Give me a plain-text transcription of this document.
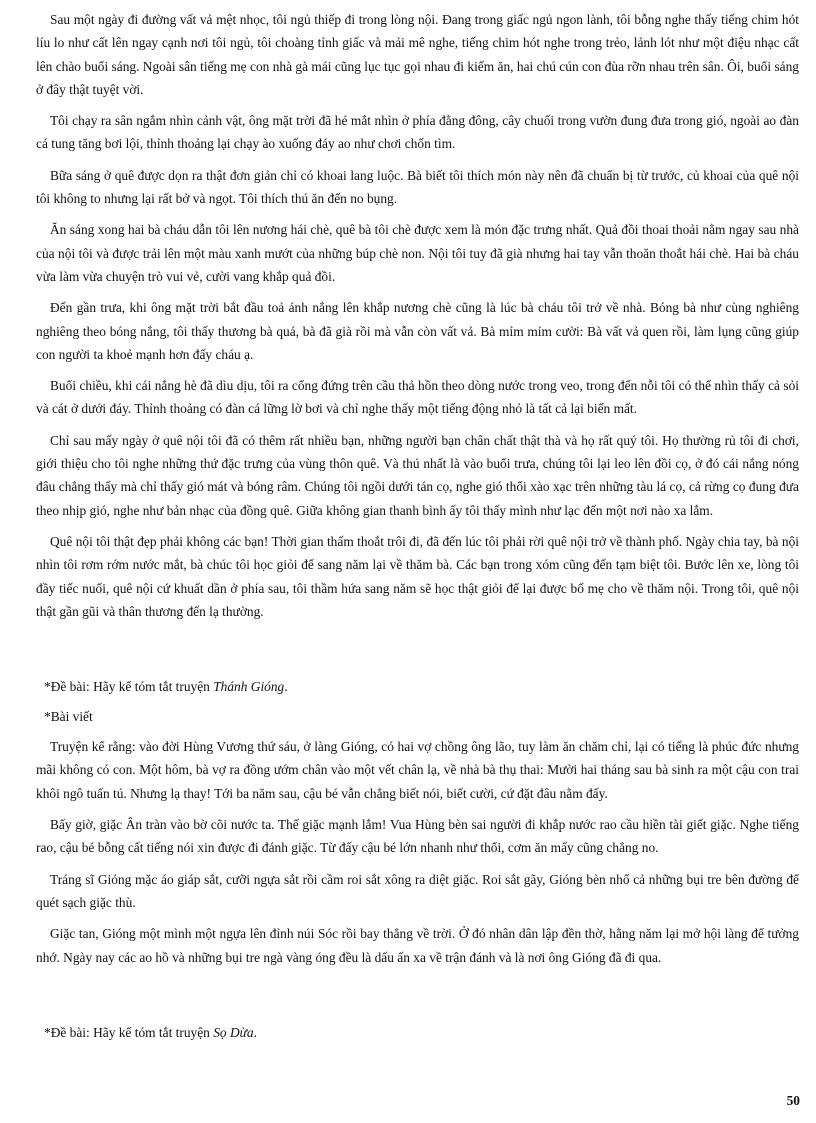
Sau một ngày đi đường vất vả mệt nhọc, tôi ngủ thiếp đi trong lòng nội. Đang trong giấc ngủ ngon lành, tôi bỗng nghe thấy tiếng chim hót líu lo như cất lên ngay cạnh nơi tôi ngủ, tôi choàng tỉnh giấc và mải mê nghe, tiếng chim hót nghe trong trẻo, lảnh lót như một điệu nhạc cất lên chào buổi sáng. Ngoài sân tiếng mẹ con nhà gà mái cũng lục tục gọi nhau đi kiếm ăn, hai chú cún con đùa rỡn nhau trên sân. Ôi, buổi sáng ở đây thật tuyệt vời.

Tôi chạy ra sân ngắm nhìn cảnh vật, ông mặt trời đã hé mắt nhìn ở phía đằng đông, cây chuối trong vườn đung đưa trong gió, ngoài ao đàn cá tung tăng bơi lội, thỉnh thoảng lại chạy ào xuống đáy ao như chơi chốn tìm.

Bữa sáng ở quê được dọn ra thật đơn giản chỉ có khoai lang luộc. Bà biết tôi thích món này nên đã chuẩn bị từ trước, củ khoai của quê nội tôi không to nhưng lại rất bở và ngọt. Tôi thích thú ăn đến no bụng.

Ăn sáng xong hai bà cháu dẫn tôi lên nương hái chè, quê bà tôi chè được xem là món đặc trưng nhất. Quả đồi thoai thoải nằm ngay sau nhà của nội tôi và được trải lên một màu xanh mướt của những búp chè non. Nội tôi tuy đã già nhưng hai tay vẫn thoăn thoắt hái chè. Hai bà cháu vừa làm vừa chuyện trò vui vẻ, cười vang khắp quả đồi.

Đến gần trưa, khi ông mặt trời bắt đầu toả ánh nắng lên khắp nương chè cũng là lúc bà cháu tôi trở về nhà. Bóng bà như cùng nghiêng nghiêng theo bóng nắng, tôi thấy thương bà quá, bà đã già rồi mà vẫn còn vất vả. Bà mỉm mỉm cười: Bà vất vả quen rồi, làm lụng cũng giúp con người ta khoẻ mạnh hơn đấy cháu ạ.

Buổi chiều, khi cái nắng hè đã dìu dịu, tôi ra cổng đứng trên cầu thả hồn theo dòng nước trong veo, trong đến nỗi tôi có thể nhìn thấy cả sỏi và cát ở dưới đáy. Thỉnh thoảng có đàn cá lững lờ bơi và chỉ nghe thấy một tiếng động nhỏ là tất cả lại biến mất.

Chỉ sau mấy ngày ở quê nội tôi đã có thêm rất nhiều bạn, những người bạn chân chất thật thà và họ rất quý tôi. Họ thường rủ tôi đi chơi, giới thiệu cho tôi nghe những thứ đặc trưng của vùng thôn quê. Và thú nhất là vào buổi trưa, chúng tôi lại leo lên đồi cọ, ở đó cái nắng nóng đâu chẳng thấy mà chỉ thấy gió mát và bóng râm. Chúng tôi ngồi dưới tán cọ, nghe gió thổi xào xạc trên những tàu lá cọ, cả rừng cọ đung đưa theo nhịp gió, nghe như bản nhạc của đồng quê. Giữa không gian thanh bình ấy tôi thấy mình như lạc đến một nơi nào xa lắm.

Quê nội tôi thật đẹp phải không các bạn! Thời gian thấm thoắt trôi đi, đã đến lúc tôi phải rời quê nội trở về thành phố. Ngày chia tay, bà nội nhìn tôi rơm rớm nước mắt, bà chúc tôi học giỏi để sang năm lại về thăm bà. Các bạn trong xóm cũng đến tạm biệt tôi. Bước lên xe, lòng tôi đầy tiếc nuối, quê nội cứ khuất dần ở phía sau, tôi thầm hứa sang năm sẽ học thật giỏi để lại được bố mẹ cho về thăm nội. Trong tôi, quê nội thật gần gũi và thân thương đến lạ thường.

*Đề bài: Hãy kể tóm tắt truyện Thánh Gióng.
*Bài viết

Truyện kể rằng: vào đời Hùng Vương thứ sáu, ở làng Gióng, có hai vợ chồng ông lão, tuy làm ăn chăm chỉ, lại có tiếng là phúc đức nhưng mãi không có con. Một hôm, bà vợ ra đồng ướm chân vào một vết chân lạ, về nhà bà thụ thai: Mười hai tháng sau bà sinh ra một cậu con trai khôi ngô tuấn tú. Nhưng lạ thay! Tới ba năm sau, cậu bé vẫn chẳng biết nói, biết cười, cứ đặt đâu nằm đấy.

Bấy giờ, giặc Ân tràn vào bờ cõi nước ta. Thế giặc mạnh lắm! Vua Hùng bèn sai người đi khắp nước rao cầu hiền tài giết giặc. Nghe tiếng rao, cậu bé bỗng cất tiếng nói xin được đi đánh giặc. Từ đấy cậu bé lớn nhanh như thổi, cơm ăn mấy cũng chẳng no.

Tráng sĩ Gióng mặc áo giáp sắt, cưỡi ngựa sắt rồi cầm roi sắt xông ra diệt giặc. Roi sắt gãy, Gióng bèn nhổ cả những bụi tre bên đường để quét sạch giặc thù.

Giặc tan, Gióng một mình một ngựa lên đỉnh núi Sóc rồi bay thẳng về trời. Ở đó nhân dân lập đền thờ, hằng năm lại mở hội làng để tưởng nhớ. Ngày nay các ao hồ và những bụi tre ngà vàng óng đều là dấu ấn xa về trận đánh và là nơi ông Gióng đã đi qua.

*Đề bài: Hãy kể tóm tắt truyện Sọ Dừa.
50
